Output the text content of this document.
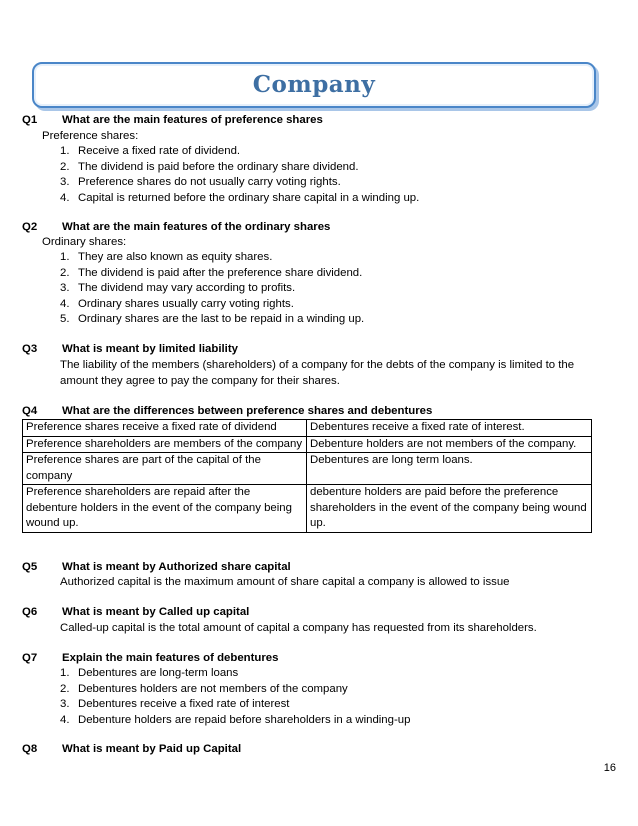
Company
Q1 What are the main features of preference shares
Preference shares:
1. Receive a fixed rate of dividend.
2. The dividend is paid before the ordinary share dividend.
3. Preference shares do not usually carry voting rights.
4. Capital is returned before the ordinary share capital in a winding up.
Q2 What are the main features of the ordinary shares
Ordinary shares:
1. They are also known as equity shares.
2. The dividend is paid after the preference share dividend.
3. The dividend may vary according to profits.
4. Ordinary shares usually carry voting rights.
5. Ordinary shares are the last to be repaid in a winding up.
Q3 What is meant by limited liability
The liability of the members (shareholders) of a company for the debts of the company is limited to the amount they agree to pay the company for their shares.
Q4 What are the differences between preference shares and debentures
Preference shares receive a fixed rate of dividend	Debentures receive a fixed rate of interest.
Preference shareholders are members of the company	Debenture holders are not members of the company.
Preference shares are part of the capital of the company	Debentures are long term loans.
Preference shareholders are repaid after the debenture holders in the event of the company being wound up.	debenture holders are paid before the preference shareholders in the event of the company being wound up.
Q5 What is meant by Authorized share capital
Authorized capital is the maximum amount of share capital a company is allowed to issue
Q6 What is meant by Called up capital
Called-up capital is the total amount of capital a company has requested from its shareholders.
Q7 Explain the main features of debentures
1. Debentures are long-term loans
2. Debentures holders are not members of the company
3. Debentures receive a fixed rate of interest
4. Debenture holders are repaid before shareholders in a winding-up
Q8 What is meant by Paid up Capital
16
